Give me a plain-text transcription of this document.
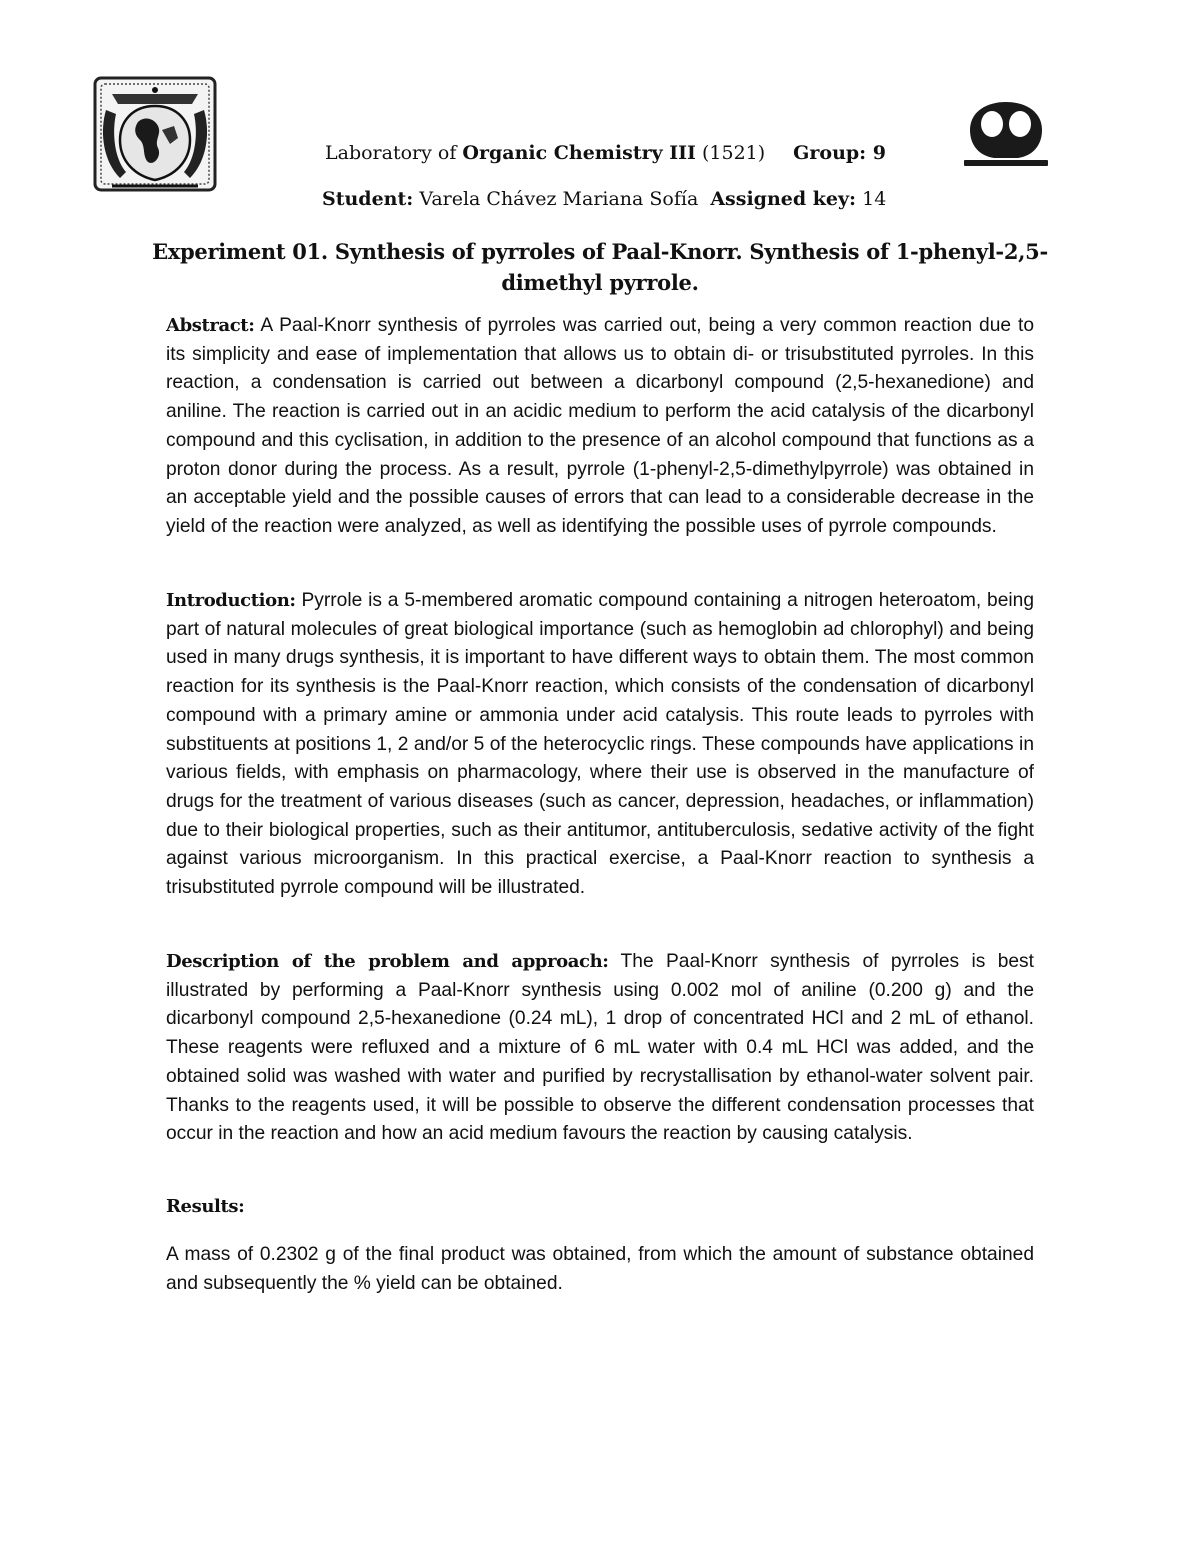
Laboratory of Organic Chemistry III (1521) Group: 9
Student: Varela Chávez Mariana Sofía Assigned key: 14
Experiment 01. Synthesis of pyrroles of Paal-Knorr. Synthesis of 1-phenyl-2,5-dimethyl pyrrole.

Abstract: A Paal-Knorr synthesis of pyrroles was carried out, being a very common reaction due to its simplicity and ease of implementation that allows us to obtain di- or trisubstituted pyrroles. In this reaction, a condensation is carried out between a dicarbonyl compound (2,5-hexanedione) and aniline. The reaction is carried out in an acidic medium to perform the acid catalysis of the dicarbonyl compound and this cyclisation, in addition to the presence of an alcohol compound that functions as a proton donor during the process. As a result, pyrrole (1-phenyl-2,5-dimethylpyrrole) was obtained in an acceptable yield and the possible causes of errors that can lead to a considerable decrease in the yield of the reaction were analyzed, as well as identifying the possible uses of pyrrole compounds.

Introduction: Pyrrole is a 5-membered aromatic compound containing a nitrogen heteroatom, being part of natural molecules of great biological importance (such as hemoglobin ad chlorophyl) and being used in many drugs synthesis, it is important to have different ways to obtain them. The most common reaction for its synthesis is the Paal-Knorr reaction, which consists of the condensation of dicarbonyl compound with a primary amine or ammonia under acid catalysis. This route leads to pyrroles with substituents at positions 1, 2 and/or 5 of the heterocyclic rings. These compounds have applications in various fields, with emphasis on pharmacology, where their use is observed in the manufacture of drugs for the treatment of various diseases (such as cancer, depression, headaches, or inflammation) due to their biological properties, such as their antitumor, antituberculosis, sedative activity of the fight against various microorganism. In this practical exercise, a Paal-Knorr reaction to synthesis a trisubstituted pyrrole compound will be illustrated.

Description of the problem and approach: The Paal-Knorr synthesis of pyrroles is best illustrated by performing a Paal-Knorr synthesis using 0.002 mol of aniline (0.200 g) and the dicarbonyl compound 2,5-hexanedione (0.24 mL), 1 drop of concentrated HCl and 2 mL of ethanol. These reagents were refluxed and a mixture of 6 mL water with 0.4 mL HCl was added, and the obtained solid was washed with water and purified by recrystallisation by ethanol-water solvent pair. Thanks to the reagents used, it will be possible to observe the different condensation processes that occur in the reaction and how an acid medium favours the reaction by causing catalysis.

Results:

A mass of 0.2302 g of the final product was obtained, from which the amount of substance obtained and subsequently the % yield can be obtained.
